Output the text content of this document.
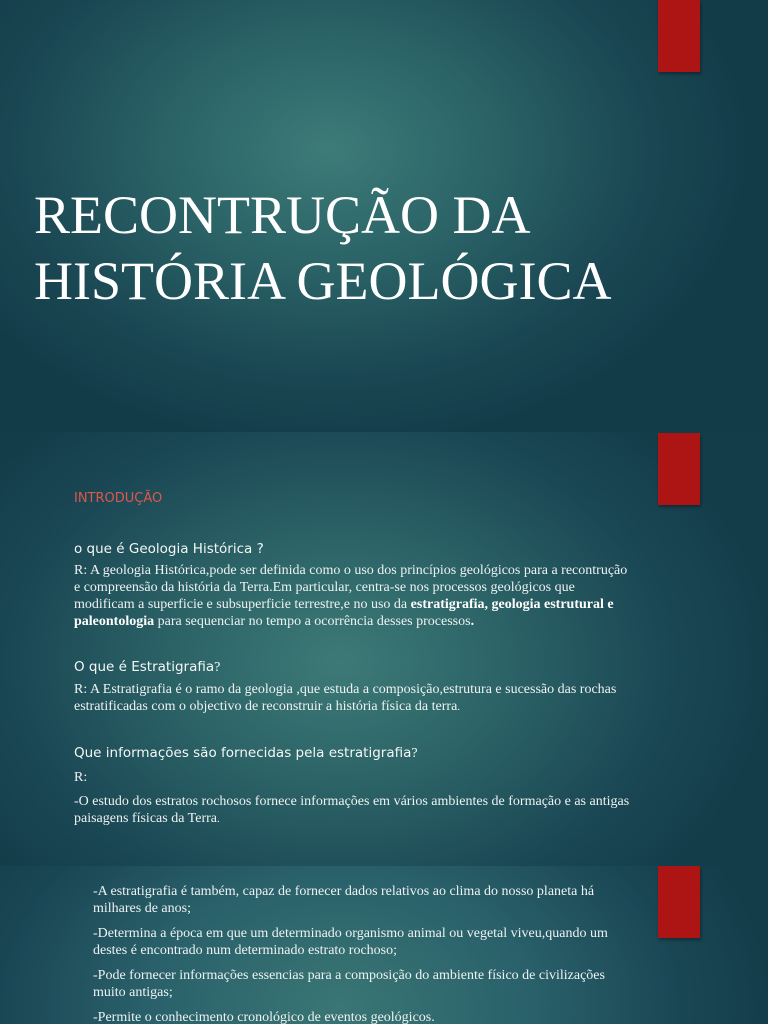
RECONTRUÇÃO DA
HISTÓRIA GEOLÓGICA

INTRODUÇÃO

o que é Geologia Histórica ?

R: A geologia Histórica,pode ser definida como o uso dos princípios geológicos para a recontrução e compreensão da história da Terra.Em particular, centra-se nos processos geológicos que modificam a superficie e subsuperficie terrestre,e no uso da estratigrafia, geologia estrutural e paleontologia para sequenciar no tempo a ocorrência desses processos.

O que é Estratigrafia?

R: A Estratigrafia é o ramo da geologia ,que estuda a composição,estrutura e sucessão das rochas estratificadas com o objectivo de reconstruir a história física da terra.

Que informações são fornecidas pela estratigrafia?

R:

-O estudo dos estratos rochosos fornece informações em vários ambientes de formação e as antigas paisagens físicas da Terra.

-A estratigrafia é também, capaz de fornecer dados relativos ao clima do nosso planeta há milhares de anos;

-Determina a época em que um determinado organismo animal ou vegetal viveu,quando um destes é encontrado num determinado estrato rochoso;

-Pode fornecer informações essencias para a composição do ambiente físico de civilizações muito antigas;

-Permite o conhecimento cronológico de eventos geológicos.
